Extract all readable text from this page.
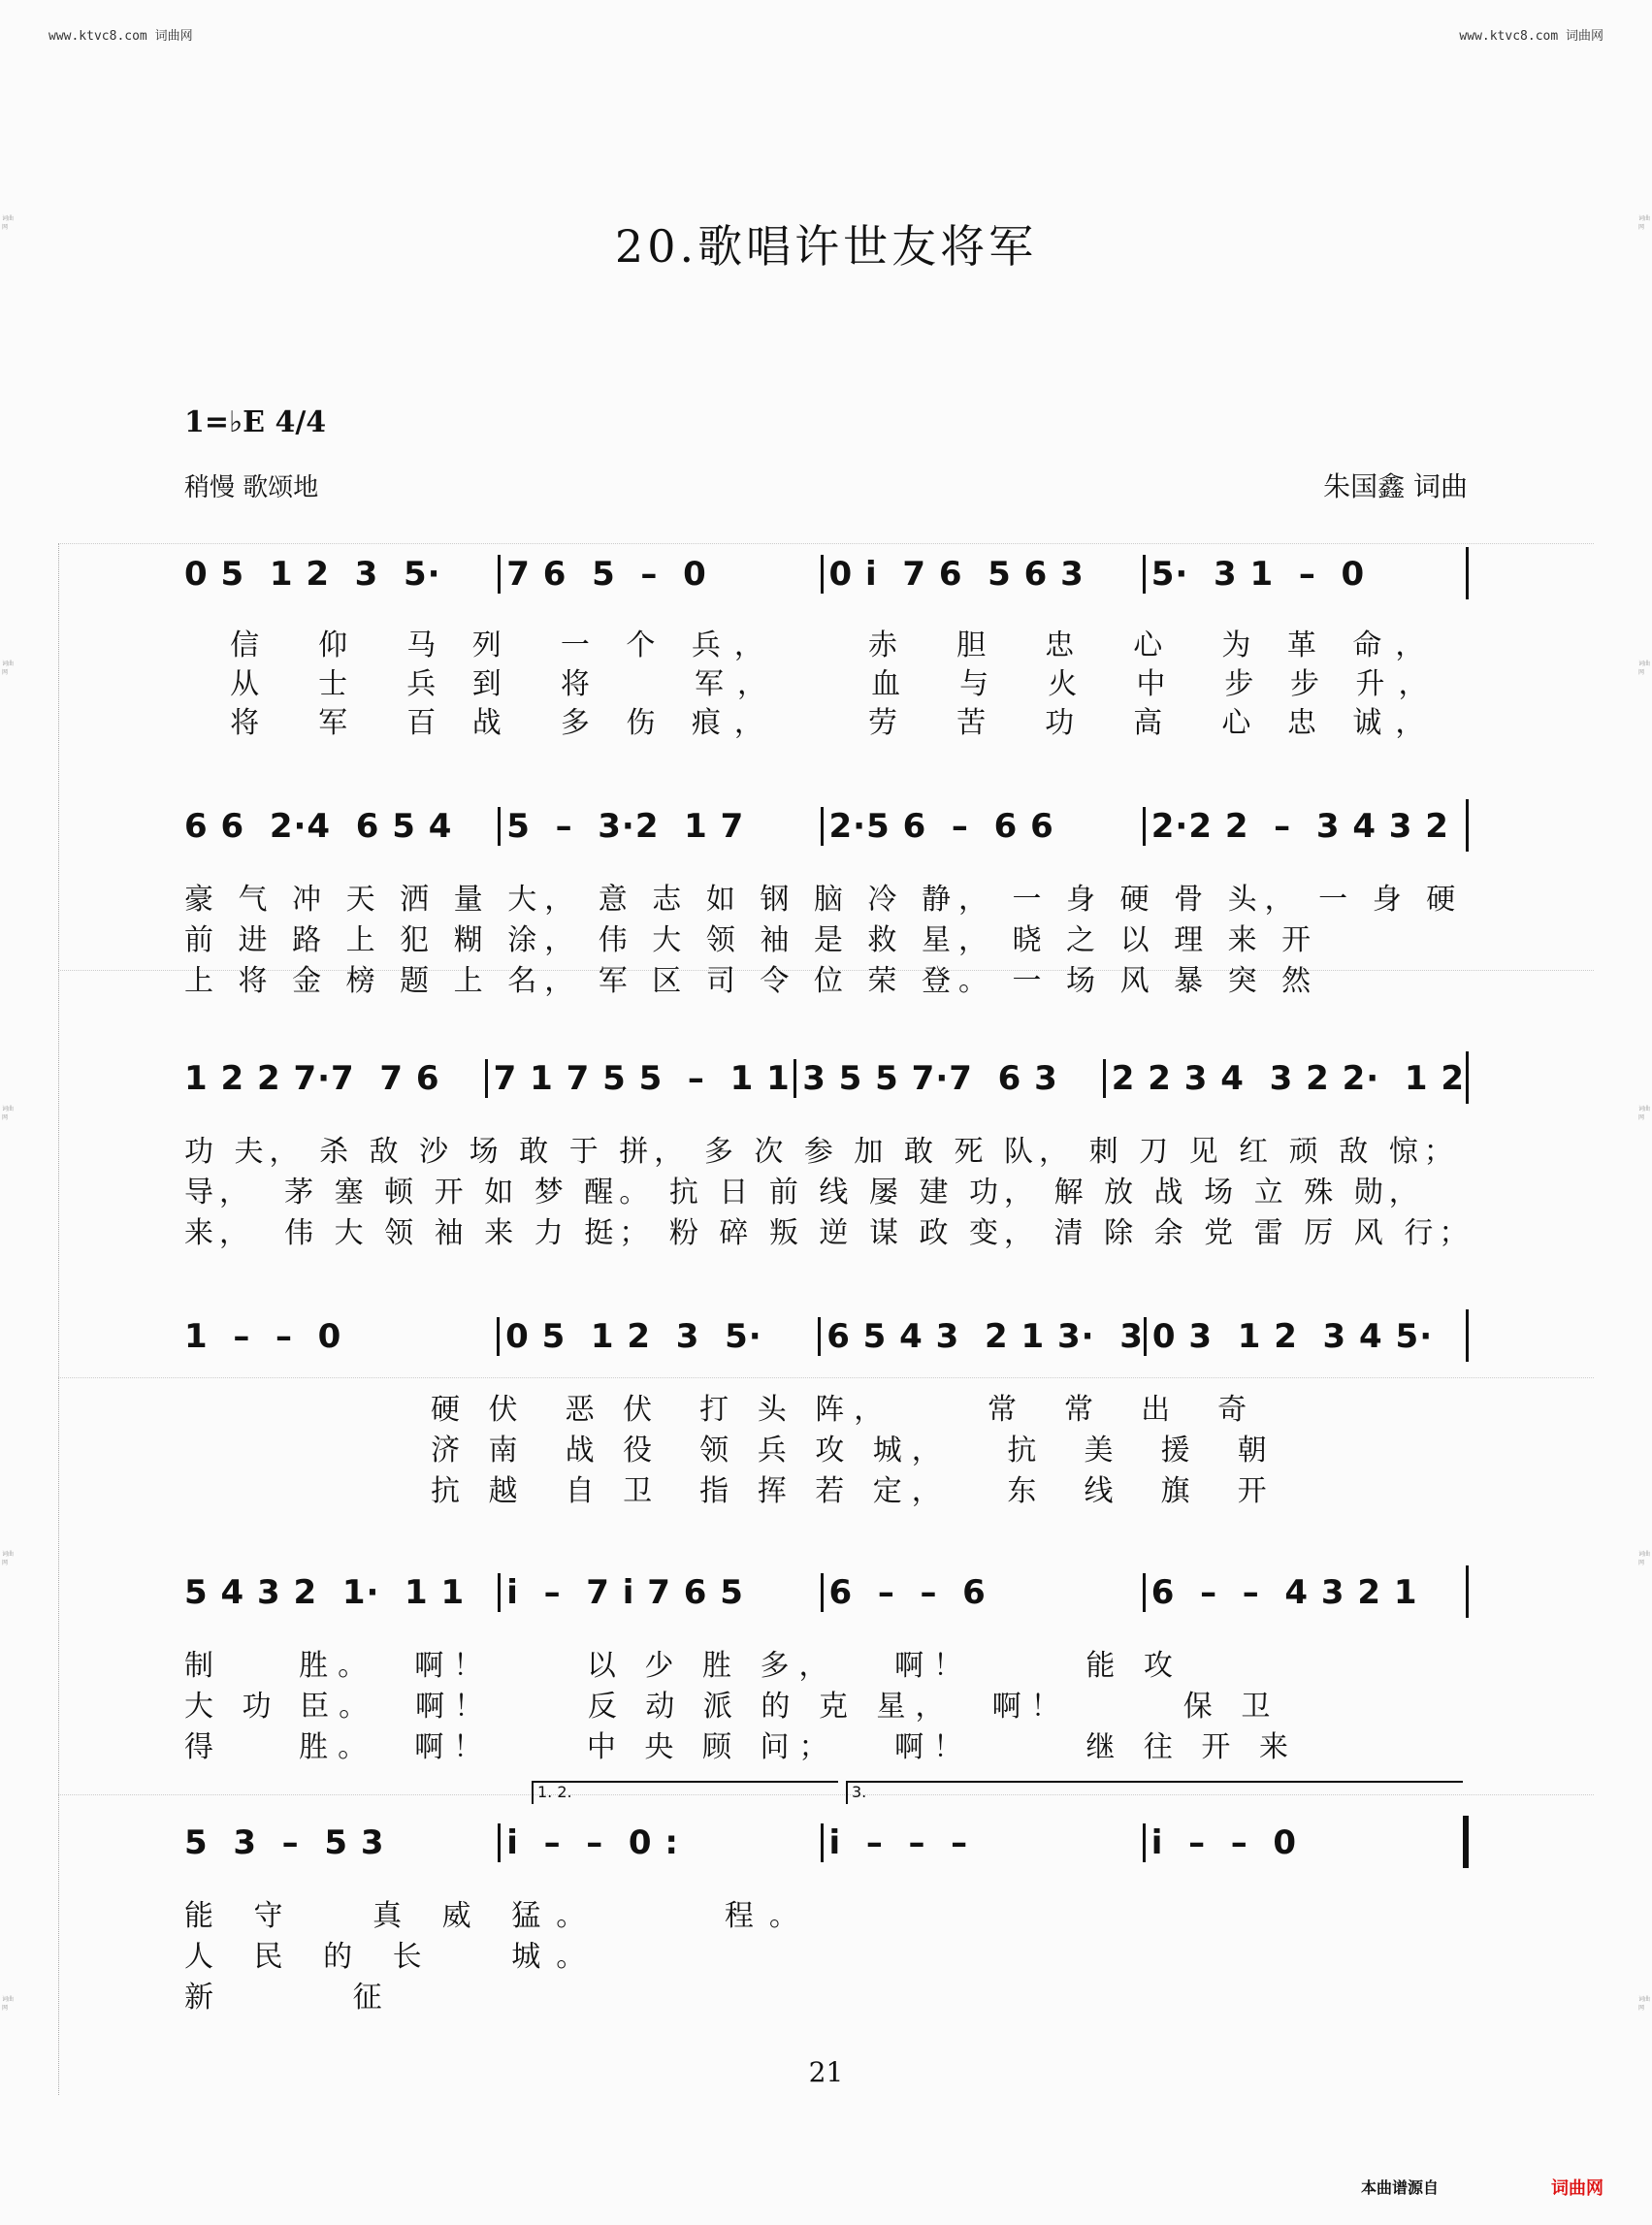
词曲网
词曲网
词曲网
词曲网
词曲网
词曲网
词曲网
词曲网
词曲网
词曲网
www.ktvc8.com 词曲网	www.ktvc8.com 词曲网
20.歌唱许世友将军
1=♭E 4/4
稍慢 歌颂地	朱国鑫 词曲
0 5  1 2  3  5·	7 6  5  –  0	0 i  7 6  5 6 3	5·  3 1  –  0
信  仰  马 列  一 个 兵，    赤  胆  忠  心  为 革 命，
从  士  兵 到  将    军，    血  与  火  中  步 步 升，
将  军  百 战  多 伤 痕，    劳  苦  功  高  心 忠 诚，
6 6  2·4  6 5 4	5  –  3·2  1 7	2·5 6  –  6 6	2·2 2  –  3 4 3 2
豪 气 冲 天 洒 量 大， 意 志 如 钢 脑 冷 静， 一 身 硬 骨 头， 一 身 硬
前 进 路 上 犯 糊 涂， 伟 大 领 袖 是 救 星， 晓 之 以 理 来 开
上 将 金 榜 题 上 名， 军 区 司 令 位 荣 登。 一 场 风 暴 突 然
1 2 2 7·7  7 6	7 1 7 5 5  –  1 1 3 5 5 7·7  6 3	2 2 3 4  3 2 2·  1 2
功 夫， 杀 敌 沙 场 敢 于 拼， 多 次 参 加 敢 死 队， 刺 刀 见 红 顽 敌 惊；
导，  茅 塞 顿 开 如 梦 醒。 抗 日 前 线 屡 建 功， 解 放 战 场 立 殊 勋，
来，  伟 大 领 袖 来 力 挺； 粉 碎 叛 逆 谋 政 变， 清 除 余 党 雷 厉 风 行；
1  –  –  0	0 5  1 2  3  5·	6 5 4 3  2 1 3·  3 0 3  1 2  3 4 5·
硬 伏  恶 伏  打 头 阵，     常  常  出  奇
济 南  战 役  领 兵 攻 城，   抗  美  援  朝
抗 越  自 卫  指 挥 若 定，   东  线  旗  开
5 4 3 2  1·  1 1	i  –  7 i 7 6 5	6  –  –  6	6  –  –  4 3 2 1
制    胜。  啊！     以 少 胜 多，   啊！      能 攻
大 功 臣。  啊！     反 动 派 的 克 星，  啊！      保 卫
得    胜。  啊！     中 央 顾 问；   啊！      继 往 开 来
1. 2.	3.
5  3  –  5 3	i  –  –  0 :	i  –  –  –	i  –  –  0
能 守   真 威 猛。     程。
人 民 的 长   城。
新     征
21
本曲谱源自	词曲网
